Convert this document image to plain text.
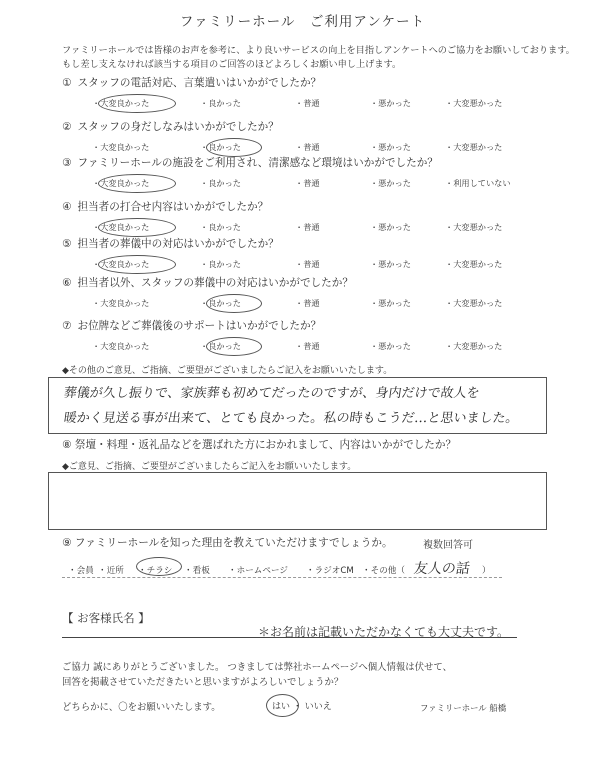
ファミリーホール　ご利用アンケート
ファミリーホールでは皆様のお声を参考に、より良いサービスの向上を目指しアンケートへのご協力をお願いしております。
もし差し支えなければ該当する項目のご回答のほどよろしくお願い申し上げます。
① スタッフの電話対応、言葉遣いはいかがでしたか？
・大変良かった	・良かった	・普通	・悪かった	・大変悪かった
② スタッフの身だしなみはいかがでしたか？
・大変良かった	・良かった	・普通	・悪かった	・大変悪かった
③ ファミリーホールの施設をご利用され、清潔感など環境はいかがでしたか？
・大変良かった	・良かった	・普通	・悪かった	・利用していない
④ 担当者の打合せ内容はいかがでしたか？
・大変良かった	・良かった	・普通	・悪かった	・大変悪かった
⑤ 担当者の葬儀中の対応はいかがでしたか？
・大変良かった	・良かった	・普通	・悪かった	・大変悪かった
⑥ 担当者以外、スタッフの葬儀中の対応はいかがでしたか？
・大変良かった	・良かった	・普通	・悪かった	・大変悪かった
⑦ お位牌などご葬儀後のサポートはいかがでしたか？
・大変良かった	・良かった	・普通	・悪かった	・大変悪かった
◆その他のご意見、ご指摘、ご要望がございましたらご記入をお願いいたします。
葬儀が久し振りで、家族葬も初めてだったのですが、身内だけで故人を
暖かく見送る事が出来て、とても良かった。私の時もこうだ…と思いました。
⑧ 祭壇・料理・返礼品などを選ばれた方におかれまして、内容はいかがでしたか？
◆ご意見、ご指摘、ご要望がございましたらご記入をお願いいたします。
⑨ ファミリーホールを知った理由を教えていただけますでしょうか。	複数回答可
・会員 ・近所 ・チラシ ・看板 ・ホームページ ・ラジオCM ・その他（ 友人の話 ）
【 お客様氏名 】
＊お名前は記載いただかなくても大丈夫です。
ご協力 誠にありがとうございました。 つきましては弊社ホームページへ個人情報は伏せて、
回答を掲載させていただきたいと思いますがよろしいでしょうか？
どちらかに、〇をお願いいたします。	はい ・ いいえ	ファミリーホール 船橋
